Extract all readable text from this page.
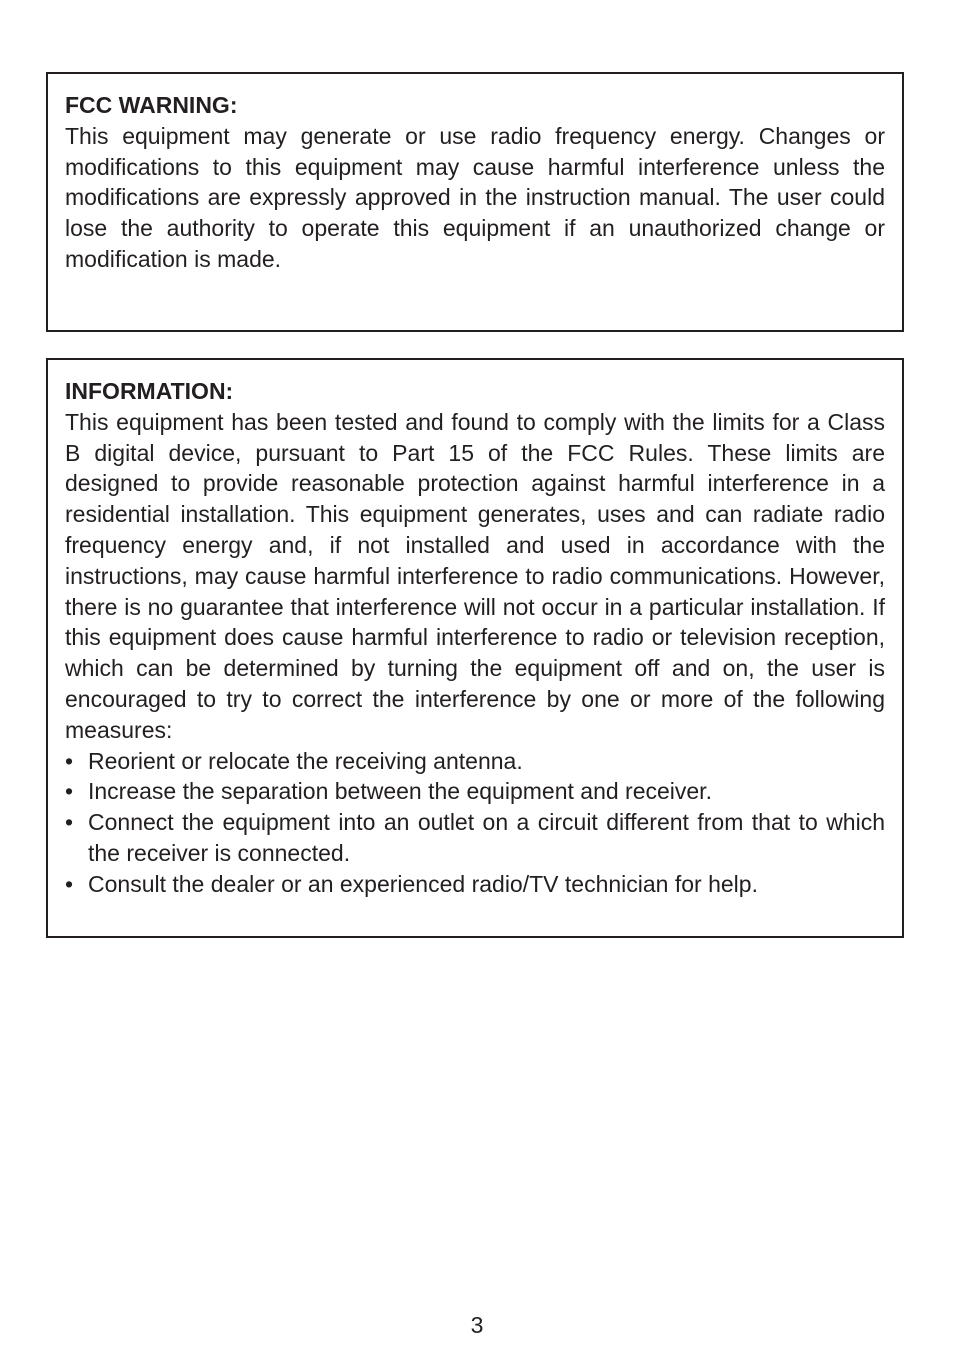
FCC WARNING:

This equipment may generate or use radio frequency energy. Changes or modifications to this equipment may cause harmful interference unless the modifications are expressly approved in the instruction manual. The user could lose the authority to operate this equipment if an unauthorized change or modification is made.

INFORMATION:

This equipment has been tested and found to comply with the limits for a Class B digital device, pursuant to Part 15 of the FCC Rules. These limits are designed to provide reasonable protection against harmful interference in a residential installation. This equipment generates, uses and can radiate radio frequency energy and, if not installed and used in accordance with the instructions, may cause harmful interference to radio communications. However, there is no guarantee that interference will not occur in a particular installation. If this equipment does cause harmful interference to radio or television reception, which can be determined by turning the equipment off and on, the user is encouraged to try to correct the interference by one or more of the following measures:

• Reorient or relocate the receiving antenna.
• Increase the separation between the equipment and receiver.
• Connect the equipment into an outlet on a circuit different from that to which the receiver is connected.
• Consult the dealer or an experienced radio/TV technician for help.
3
